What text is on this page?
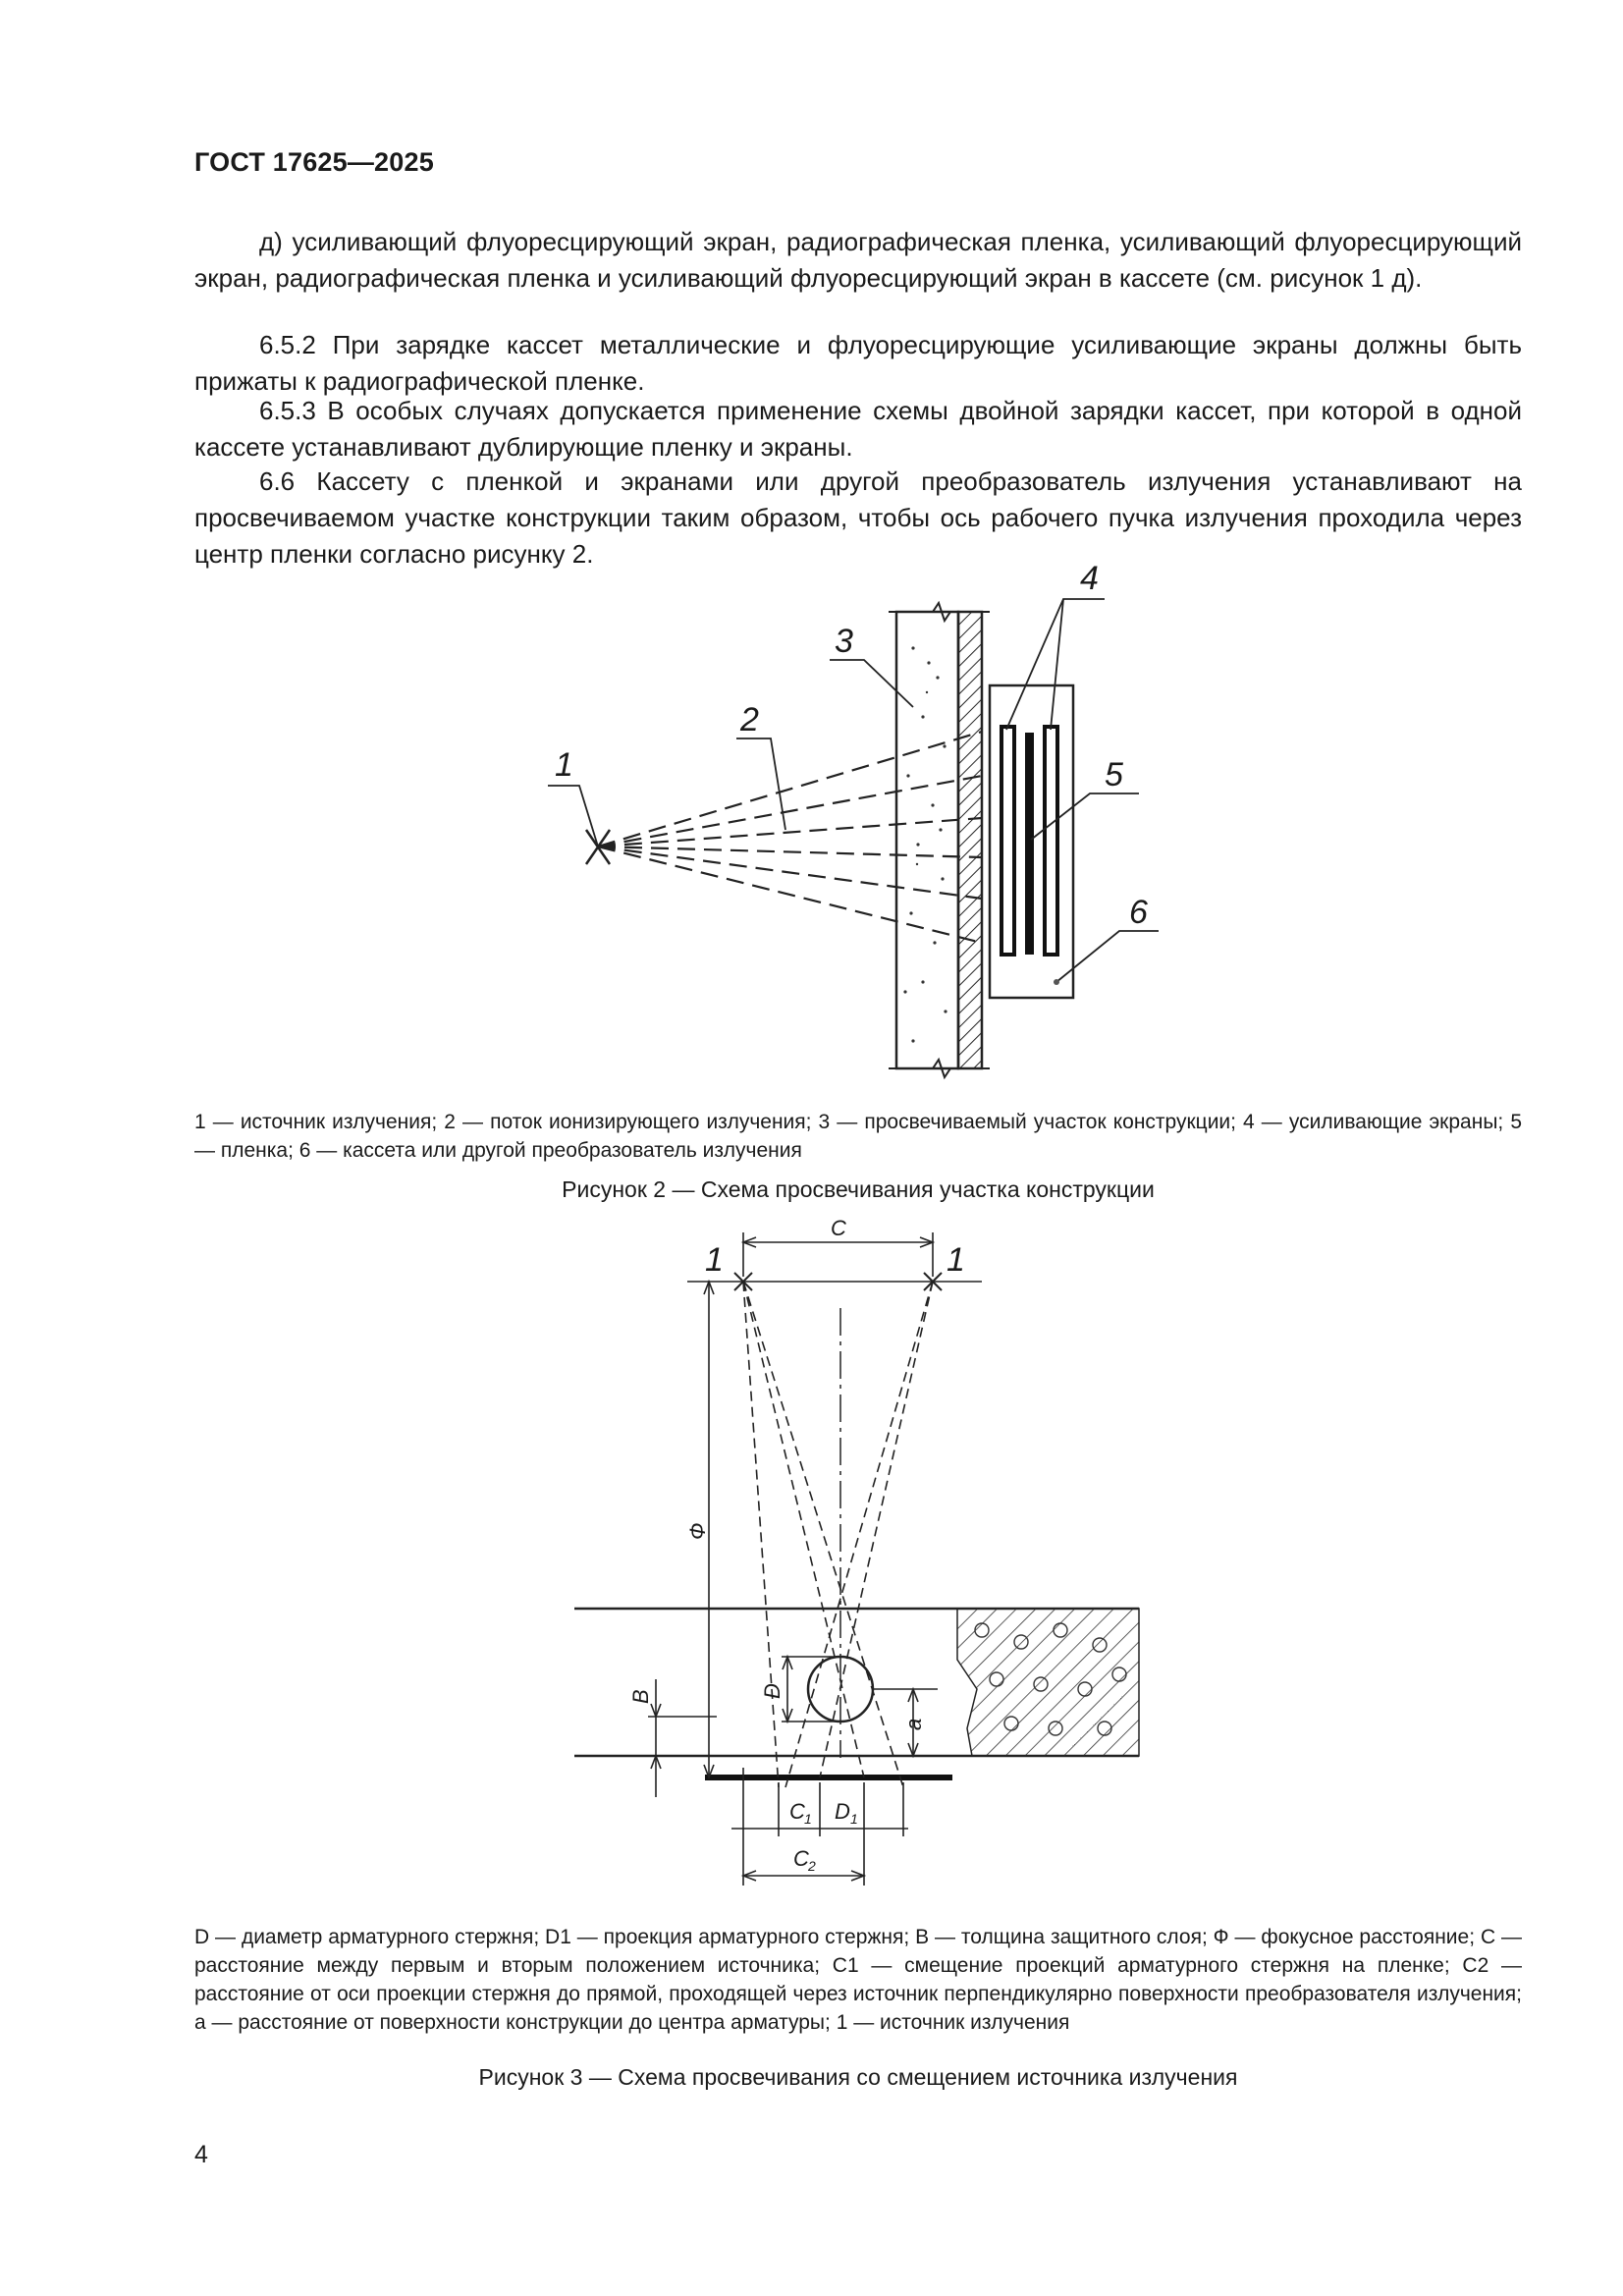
ГОСТ 17625—2025

д) усиливающий флуоресцирующий экран, радиографическая пленка, усиливающий флуоресцирующий экран, радиографическая пленка и усиливающий флуоресцирующий экран в кассете (см. рисунок 1 д).

6.5.2 При зарядке кассет металлические и флуоресцирующие усиливающие экраны должны быть прижаты к радиографической пленке.

6.5.3 В особых случаях допускается применение схемы двойной зарядки кассет, при которой в одной кассете устанавливают дублирующие пленку и экраны.

6.6 Кассету с пленкой и экранами или другой преобразователь излучения устанавливают на просвечиваемом участке конструкции таким образом, чтобы ось рабочего пучка излучения проходила через центр пленки согласно рисунку 2.

1
2
3
4
5
6

1 — источник излучения; 2 — поток ионизирующего излучения; 3 — просвечиваемый участок конструкции; 4 — усиливающие экраны; 5 — пленка; 6 — кассета или другой преобразователь излучения

Рисунок 2 — Схема просвечивания участка конструкции
1	1
C
Ф
B	D
a
C 1 D 1
C 2

D — диаметр арматурного стержня; D1 — проекция арматурного стержня; B — толщина защитного слоя; Ф — фокусное расстояние; C — расстояние между первым и вторым положением источника; C1 — смещение проекций арматурного стержня на пленке; C2 — расстояние от оси проекции стержня до прямой, проходящей через источник перпендикулярно поверхности преобразователя излучения; a — расстояние от поверхности конструкции до центра арматуры; 1 — источник излучения

Рисунок 3 — Схема просвечивания со смещением источника излучения
4
